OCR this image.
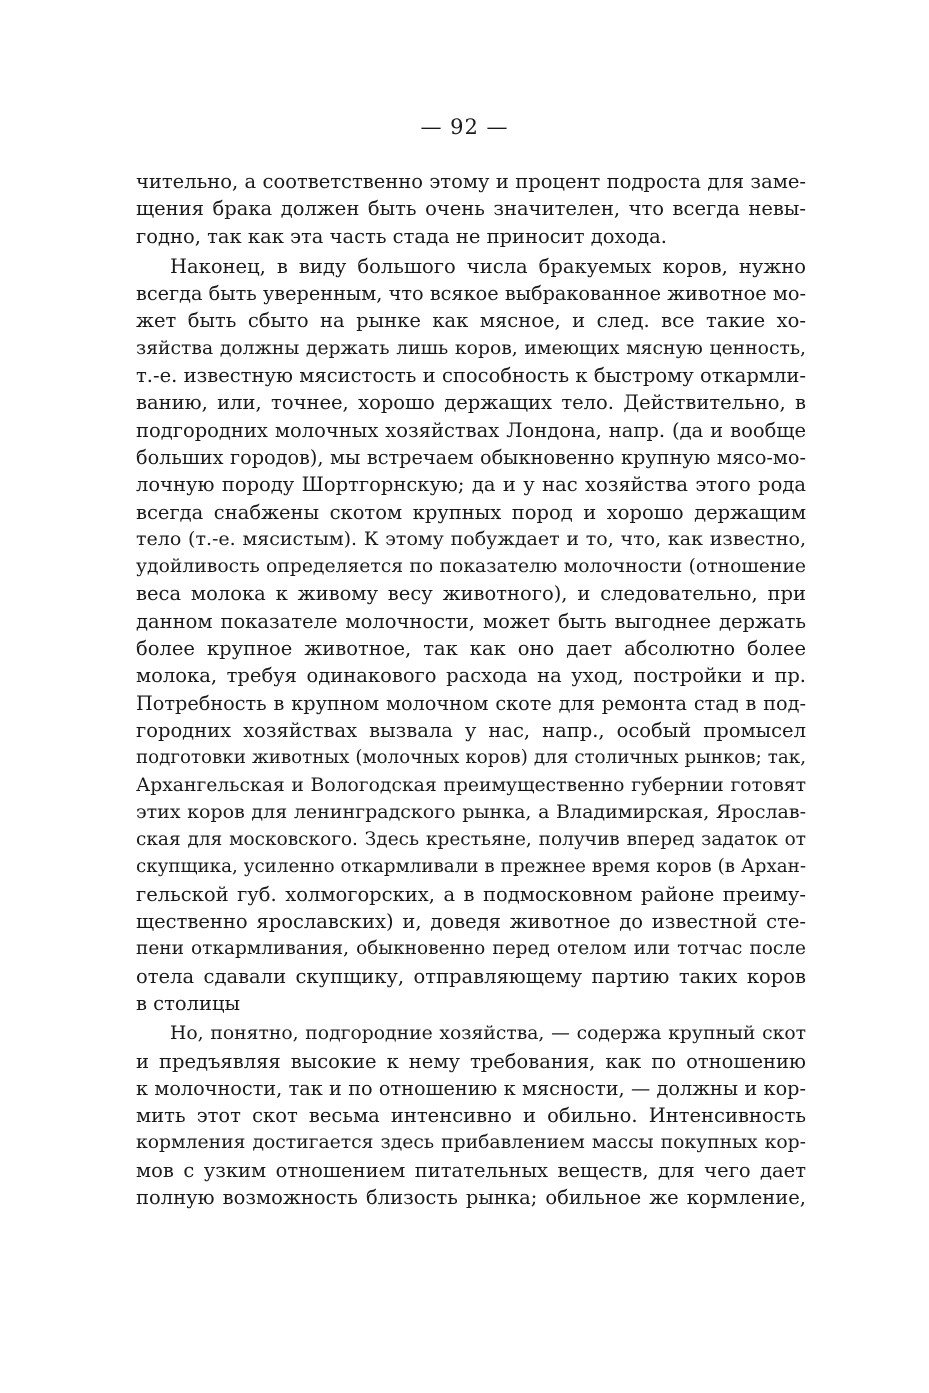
— 92 —
чительно, а соответственно этому и процент подроста для заме-
щения брака должен быть очень значителен, что всегда невы-
годно, так как эта часть стада не приносит дохода.
Наконец, в виду большого числа бракуемых коров, нужно
всегда быть уверенным, что всякое выбракованное животное мо-
жет быть сбыто на рынке как мясное, и след. все такие хо-
зяйства должны держать лишь коров, имеющих мясную ценность,
т.-е. известную мясистость и способность к быстрому откармли-
ванию, или, точнее, хорошо держащих тело. Действительно, в
подгородних молочных хозяйствах Лондона, напр. (да и вообще
больших городов), мы встречаем обыкновенно крупную мясо-мо-
лочную породу Шортгорнскую; да и у нас хозяйства этого рода
всегда снабжены скотом крупных пород и хорошо держащим
тело (т.-е. мясистым). К этому побуждает и то, что, как известно,
удойливость определяется по показателю молочности (отношение
веса молока к живому весу животного), и следовательно, при
данном показателе молочности, может быть выгоднее держать
более крупное животное, так как оно дает абсолютно более
молока, требуя одинакового расхода на уход, постройки и пр.
Потребность в крупном молочном скоте для ремонта стад в под-
городних хозяйствах вызвала у нас, напр., особый промысел
подготовки животных (молочных коров) для столичных рынков; так,
Архангельская и Вологодская преимущественно губернии готовят
этих коров для ленинградского рынка, а Владимирская, Ярослав-
ская для московского. Здесь крестьяне, получив вперед задаток от
скупщика, усиленно откармливали в прежнее время коров (в Архан-
гельской губ. холмогорских, а в подмосковном районе преиму-
щественно ярославских) и, доведя животное до известной сте-
пени откармливания, обыкновенно перед отелом или тотчас после
отела сдавали скупщику, отправляющему партию таких коров
в столицы
Но, понятно, подгородние хозяйства, — содержа крупный скот
и предъявляя высокие к нему требования, как по отношению
к молочности, так и по отношению к мясности, — должны и кор-
мить этот скот весьма интенсивно и обильно. Интенсивность
кормления достигается здесь прибавлением массы покупных кор-
мов с узким отношением питательных веществ, для чего дает
полную возможность близость рынка; обильное же кормление,
